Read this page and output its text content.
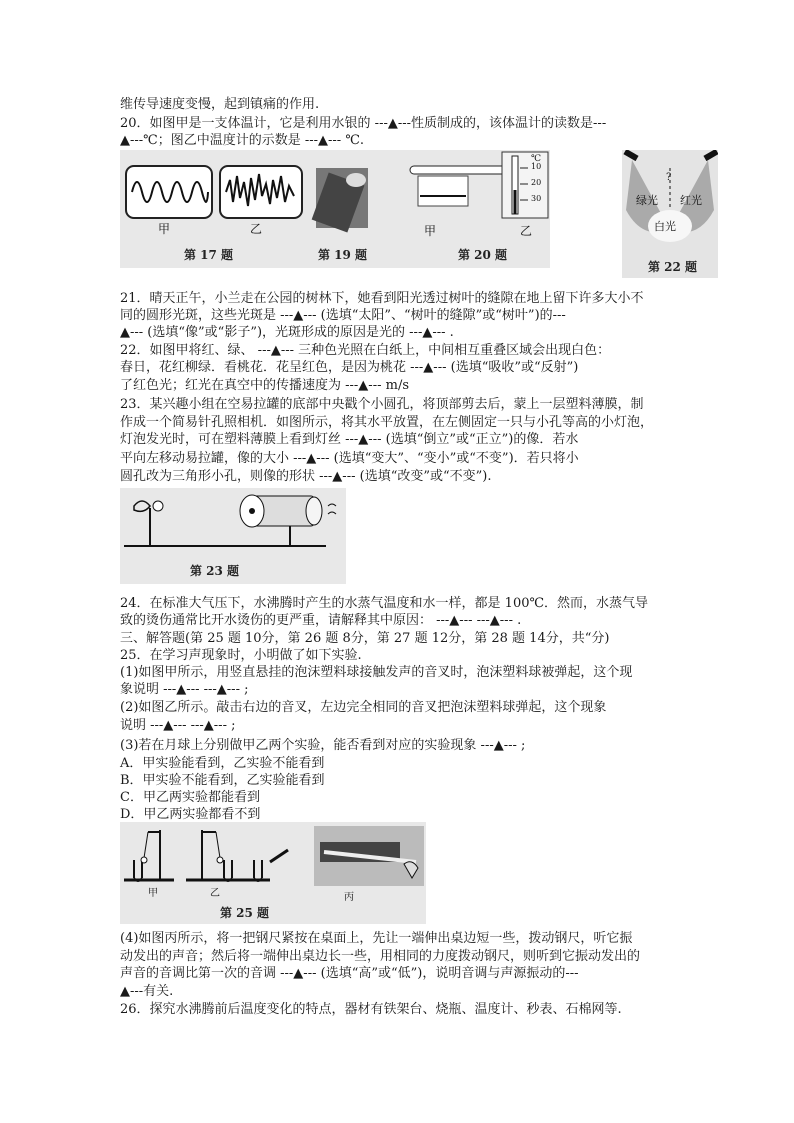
维传导速度变慢，起到镇痛的作用.
20．如图甲是一支体温计，它是利用水银的 ---▲---性质制成的，该体温计的读数是---
▲---℃；图乙中温度计的示数是 ---▲--- ℃.
甲	乙
第 17 题	第 19 题
℃
10
20
30
甲	乙
第 20 题
?
绿光 红光
白光
第 22 题
21．晴天正午，小兰走在公园的树林下，她看到阳光透过树叶的缝隙在地上留下许多大小不
同的圆形光斑，这些光斑是 ---▲--- (选填“太阳”、“树叶的缝隙”或“树叶”)的---
▲--- (选填“像”或“影子”)，光斑形成的原因是光的 ---▲--- .
22．如图甲将红、绿、 ---▲--- 三种色光照在白纸上，中间相互重叠区域会出现白色：
春日，花红柳绿．看桃花．花呈红色，是因为桃花 ---▲--- (选填“吸收”或“反射”)
了红色光；红光在真空中的传播速度为 ---▲--- m/s
23．某兴趣小组在空易拉罐的底部中央戳个小圆孔，将顶部剪去后，蒙上一层塑料薄膜，制
作成一个简易针孔照相机．如图所示，将其水平放置，在左侧固定一只与小孔等高的小灯泡，
灯泡发光时，可在塑料薄膜上看到灯丝 ---▲--- (选填“倒立”或“正立”)的像．若水
平向左移动易拉罐，像的大小 ---▲--- (选填“变大”、“变小”或“不变”)．若只将小
圆孔改为三角形小孔，则像的形状 ---▲--- (选填“改变”或“不变”).
第 23 题
24．在标准大气压下，水沸腾时产生的水蒸气温度和水一样，都是 100℃．然而，水蒸气导
致的烫伤通常比开水烫伤的更严重，请解释其中原因： ---▲--- ---▲--- .
三、解答题(第 25 题 10分，第 26 题 8分，第 27 题 12分，第 28 题 14分，共“分)
25．在学习声现象时，小明做了如下实验.
(1)如图甲所示，用竖直悬挂的泡沫塑料球接触发声的音叉时，泡沫塑料球被弹起，这个现
象说明 ---▲--- ---▲--- ;
(2)如图乙所示。敲击右边的音叉，左边完全相同的音叉把泡沫塑料球弹起，这个现象
说明 ---▲--- ---▲--- ;
(3)若在月球上分别做甲乙两个实验，能否看到对应的实验现象 ---▲--- ;
A．甲实验能看到，乙实验不能看到
B．甲实验不能看到，乙实验能看到
C．甲乙两实验都能看到
D．甲乙两实验都看不到
甲	乙	丙
第 25 题
(4)如图丙所示，将一把钢尺紧按在桌面上，先让一端伸出桌边短一些，拨动钢尺，听它振
动发出的声音；然后将一端伸出桌边长一些，用相同的力度拨动钢尺，则听到它振动发出的
声音的音调比第一次的音调 ---▲--- (选填“高”或“低”)，说明音调与声源振动的---
▲---有关.
26．探究水沸腾前后温度变化的特点，器材有铁架台、烧瓶、温度计、秒表、石棉网等.
